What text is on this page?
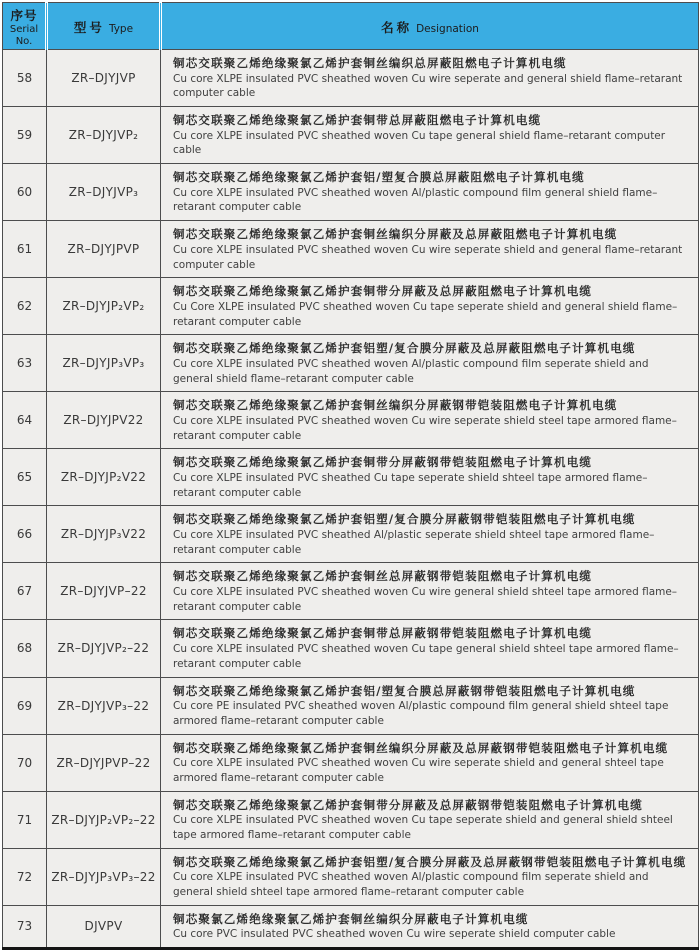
序号
Serial
No.	型号 Type	名称 Designation
58	ZR–DJYJVP	铜芯交联聚乙烯绝缘聚氯乙烯护套铜丝编织总屏蔽阻燃电子计算机电缆
Cu core XLPE insulated PVC sheathed woven Cu wire seperate and general shield flame–retarant computer cable

59	ZR–DJYJVP₂	铜芯交联聚乙烯绝缘聚氯乙烯护套铜带总屏蔽阻燃电子计算机电缆
Cu core XLPE insulated PVC sheathed woven Cu tape general shield flame–retarant computer cable

60	ZR–DJYJVP₃	铜芯交联聚乙烯绝缘聚氯乙烯护套铝/塑复合膜总屏蔽阻燃电子计算机电缆
Cu core XLPE insulated PVC sheathed woven Al/plastic compound film general shield flame–retarant computer cable

61	ZR–DJYJPVP	铜芯交联聚乙烯绝缘聚氯乙烯护套铜丝编织分屏蔽及总屏蔽阻燃电子计算机电缆
Cu core XLPE insulated PVC sheathed woven Cu wire seperate shield and general flame–retarant computer cable

62	ZR–DJYJP₂VP₂	铜芯交联聚乙烯绝缘聚氯乙烯护套铜带分屏蔽及总屏蔽阻燃电子计算机电缆
Cu Core XLPE insulated PVC sheathed woven Cu tape seperate shield and general shield flame–retarant computer cable

63	ZR–DJYJP₃VP₃	铜芯交联聚乙烯绝缘聚氯乙烯护套铝塑/复合膜分屏蔽及总屏蔽阻燃电子计算机电缆
Cu core XLPE insulated PVC sheathed woven Al/plastic compound film seperate shield and general shield flame–retarant computer cable

64	ZR–DJYJPV22	铜芯交联聚乙烯绝缘聚氯乙烯护套铜丝编织分屏蔽钢带铠装阻燃电子计算机电缆
Cu core XLPE insulated PVC sheathed woven Cu wire seperate shield steel tape armored flame–retarant computer cable

65	ZR–DJYJP₂V22	铜芯交联聚乙烯绝缘聚氯乙烯护套铜带分屏蔽钢带铠装阻燃电子计算机电缆
Cu core XLPE insulated PVC sheathed Cu tape seperate shield shteel tape armored flame–retarant computer cable

66	ZR–DJYJP₃V22	铜芯交联聚乙烯绝缘聚氯乙烯护套铝塑/复合膜分屏蔽钢带铠装阻燃电子计算机电缆
Cu core XLPE insulated PVC sheathed Al/plastic seperate shield shteel tape armored flame–retarant computer cable

67	ZR–DJYJVP–22	铜芯交联聚乙烯绝缘聚氯乙烯护套铜丝总屏蔽钢带铠装阻燃电子计算机电缆
Cu core XLPE insulated PVC sheathed woven Cu wire general shield shteel tape armored flame–retarant computer cable

68	ZR–DJYJVP₂–22	铜芯交联聚乙烯绝缘聚氯乙烯护套铜带总屏蔽钢带铠装阻燃电子计算机电缆
Cu core XLPE insulated PVC sheathed woven Cu tape general shield shteel tape armored flame–retarant computer cable

69	ZR–DJYJVP₃–22	铜芯交联聚乙烯绝缘聚氯乙烯护套铝/塑复合膜总屏蔽钢带铠装阻燃电子计算机电缆
Cu core PE insulated PVC sheathed woven Al/plastic compound film general shield shteel tape armored flame–retarant computer cable

70	ZR–DJYJPVP–22	铜芯交联聚乙烯绝缘聚氯乙烯护套铜丝编织分屏蔽及总屏蔽钢带铠装阻燃电子计算机电缆
Cu core XLPE insulated PVC sheathed woven Cu wire seperate shield and general shteel tape armored flame–retarant computer cable

71	ZR–DJYJP₂VP₂–22	铜芯交联聚乙烯绝缘聚氯乙烯护套铜带分屏蔽及总屏蔽钢带铠装阻燃电子计算机电缆
Cu core XLPE insulated PVC sheathed woven Cu tape seperate shield and general shield shteel tape armored flame–retarant computer cable

72	ZR–DJYJP₃VP₃–22	铜芯交联聚乙烯绝缘聚氯乙烯护套铝塑/复合膜分屏蔽及总屏蔽钢带铠装阻燃电子计算机电缆
Cu core XLPE insulated PVC sheathed woven Al/plastic compound film seperate shield and general shield shteel tape armored flame–retarant computer cable

73	DJVPV	铜芯聚氯乙烯绝缘聚氯乙烯护套铜丝编织分屏蔽电子计算机电缆
Cu core PVC insulated PVC sheathed woven Cu wire seperate shield computer cable
